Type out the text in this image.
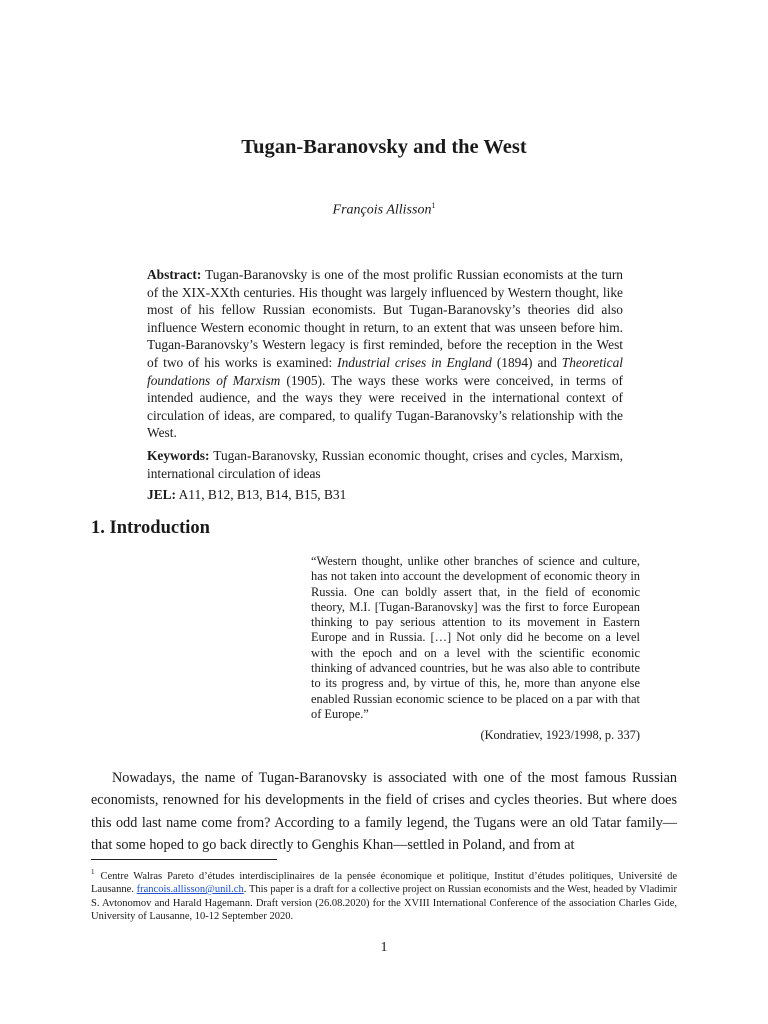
Tugan-Baranovsky and the West
François Allisson$^1$

Abstract: Tugan-Baranovsky is one of the most prolific Russian economists at the turn of the XIX-XXth centuries. His thought was largely influenced by Western thought, like most of his fellow Russian economists. But Tugan-Baranovsky’s theories did also influence Western economic thought in return, to an extent that was unseen before him. Tugan-Baranovsky’s Western legacy is first reminded, before the reception in the West of two of his works is examined: Industrial crises in England (1894) and Theoretical foundations of Marxism (1905). The ways these works were conceived, in terms of intended audience, and the ways they were received in the international context of circulation of ideas, are compared, to qualify Tugan-Baranovsky’s relationship with the West.

Keywords: Tugan-Baranovsky, Russian economic thought, crises and cycles, Marxism, international circulation of ideas

JEL: A11, B12, B13, B14, B15, B31

1. Introduction

“Western thought, unlike other branches of science and culture, has not taken into account the development of economic theory in Russia. One can boldly assert that, in the field of economic theory, M.I. [Tugan-Baranovsky] was the first to force European thinking to pay serious attention to its movement in Eastern Europe and in Russia. […] Not only did he become on a level with the epoch and on a level with the scientific economic thinking of advanced countries, but he was also able to contribute to its progress and, by virtue of this, he, more than anyone else enabled Russian economic science to be placed on a par with that of Europe.”

(Kondratiev, 1923/1998, p. 337)

Nowadays, the name of Tugan-Baranovsky is associated with one of the most famous Russian economists, renowned for his developments in the field of crises and cycles theories. But where does this odd last name come from? According to a family legend, the Tugans were an old Tatar family—that some hoped to go back directly to Genghis Khan—settled in Poland, and from at

$^1$ Centre Walras Pareto d’études interdisciplinaires de la pensée économique et politique, Institut d’études politiques, Université de Lausanne. francois.allisson@unil.ch. This paper is a draft for a collective project on Russian economists and the West, headed by Vladimir S. Avtonomov and Harald Hagemann. Draft version (26.08.2020) for the XVIII International Conference of the association Charles Gide, University of Lausanne, 10-12 September 2020.

1
